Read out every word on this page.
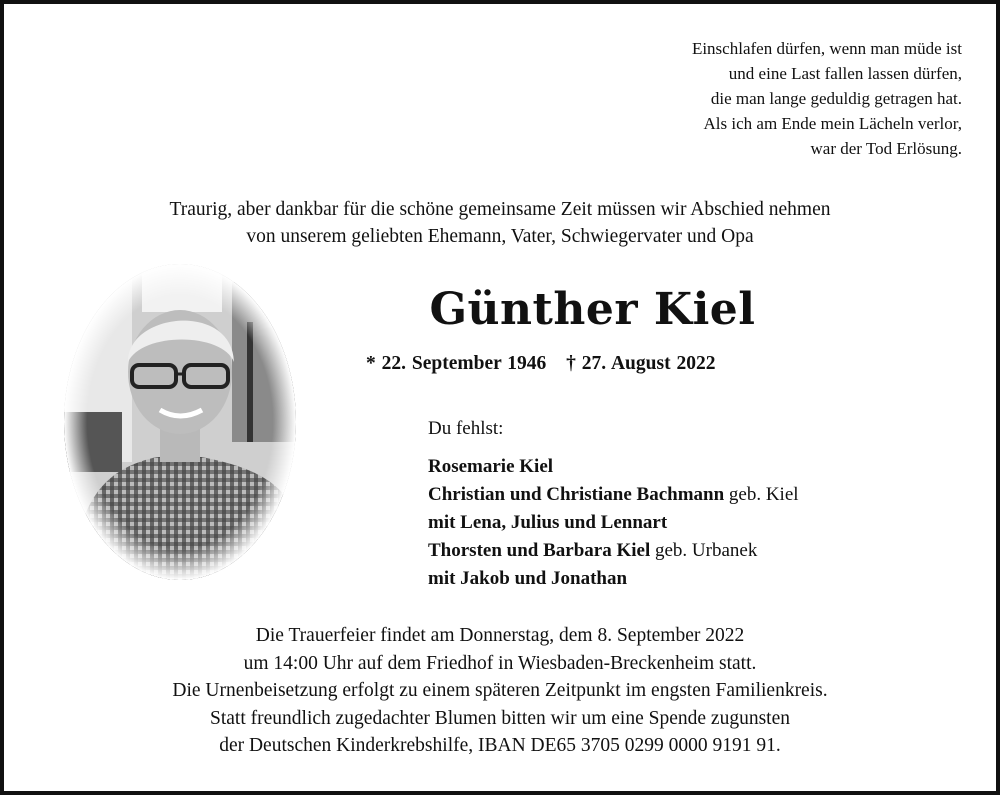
Einschlafen dürfen, wenn man müde ist
und eine Last fallen lassen dürfen,
die man lange geduldig getragen hat.
Als ich am Ende mein Lächeln verlor,
war der Tod Erlösung.
Traurig, aber dankbar für die schöne gemeinsame Zeit müssen wir Abschied nehmen
von unserem geliebten Ehemann, Vater, Schwiegervater und Opa
Günther Kiel
* 22. September 1946 † 27. August 2022
Du fehlst:
Rosemarie Kiel
Christian und Christiane Bachmann geb. Kiel
mit Lena, Julius und Lennart
Thorsten und Barbara Kiel geb. Urbanek
mit Jakob und Jonathan
Die Trauerfeier findet am Donnerstag, dem 8. September 2022
um 14:00 Uhr auf dem Friedhof in Wiesbaden-Breckenheim statt.
Die Urnenbeisetzung erfolgt zu einem späteren Zeitpunkt im engsten Familienkreis.
Statt freundlich zugedachter Blumen bitten wir um eine Spende zugunsten
der Deutschen Kinderkrebshilfe, IBAN DE65 3705 0299 0000 9191 91.
